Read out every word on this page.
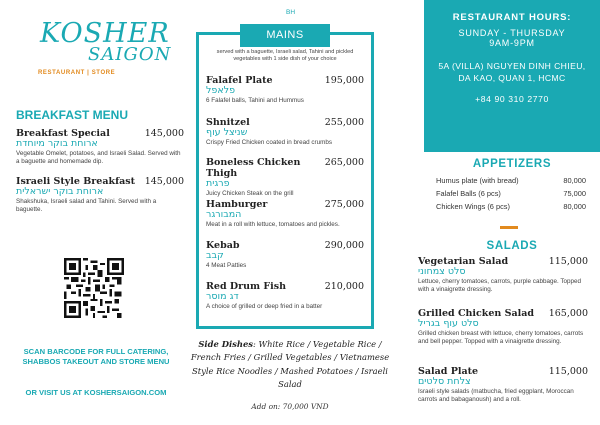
KOSHER
SAIGON
RESTAURANT | STORE
BREAKFAST MENU
Breakfast Special	145,000
ארוחת בוקר מיוחדת
Vegetable Omelet, potatoes, and Israeli Salad. Served with a baguette and homemade dip.
Israeli Style Breakfast 145,000
ארוחת בוקר ישראלית
Shakshuka, Israeli salad and Tahini. Served with a baguette.
SCAN BARCODE FOR FULL CATERING, SHABBOS TAKEOUT AND STORE MENU
OR VISIT US AT KOSHERSAIGON.COM
BH
MAINS
served with a baguette, Israeli salad, Tahini and pickled vegetables with 1 side dish of your choice
Falafel Plate	195,000
פלאפל
6 Falafel balls, Tahini and Hummus
Shnitzel	255,000
שניצל עוף
Crispy Fried Chicken coated in bread crumbs
Boneless Chicken Thigh
265,000
פרגית
Juicy Chicken Steak on the grill
Hamburger	275,000
המבורגר
Meat in a roll with lettuce, tomatoes and pickles.
Kebab	290,000
קבב
4 Meat Patties
Red Drum Fish	210,000
דג מוסר
A choice of grilled or deep fried in a batter
Side Dishes: White Rice / Vegetable Rice / French Fries / Grilled Vegetables / Vietnamese Style Rice Noodles / Mashed Potatoes / Israeli Salad
Add on: 70,000 VND
RESTAURANT HOURS:
SUNDAY - THURSDAY
9AM-9PM
5A (VILLA) NGUYEN DINH CHIEU, DA KAO, QUAN 1, HCMC
+84 90 310 2770
APPETIZERS
Humus plate (with bread)	80,000
Falafel Balls (6 pcs)	75,000
Chicken Wings (6 pcs)	80,000
SALADS
Vegetarian Salad	115,000
סלט צמחוני
Lettuce, cherry tomatoes, carrots, purple cabbage. Topped with a vinaigrette dressing.
Grilled Chicken Salad 165,000
סלט עוף בגריל
Grilled chicken breast with lettuce, cherry tomatoes, carrots and bell pepper. Topped with a vinaigrette dressing.
Salad Plate	115,000
צלחת סלטים
Israeli style salads (matbucha, fried eggplant, Moroccan carrots and babaganoush) and a roll.
